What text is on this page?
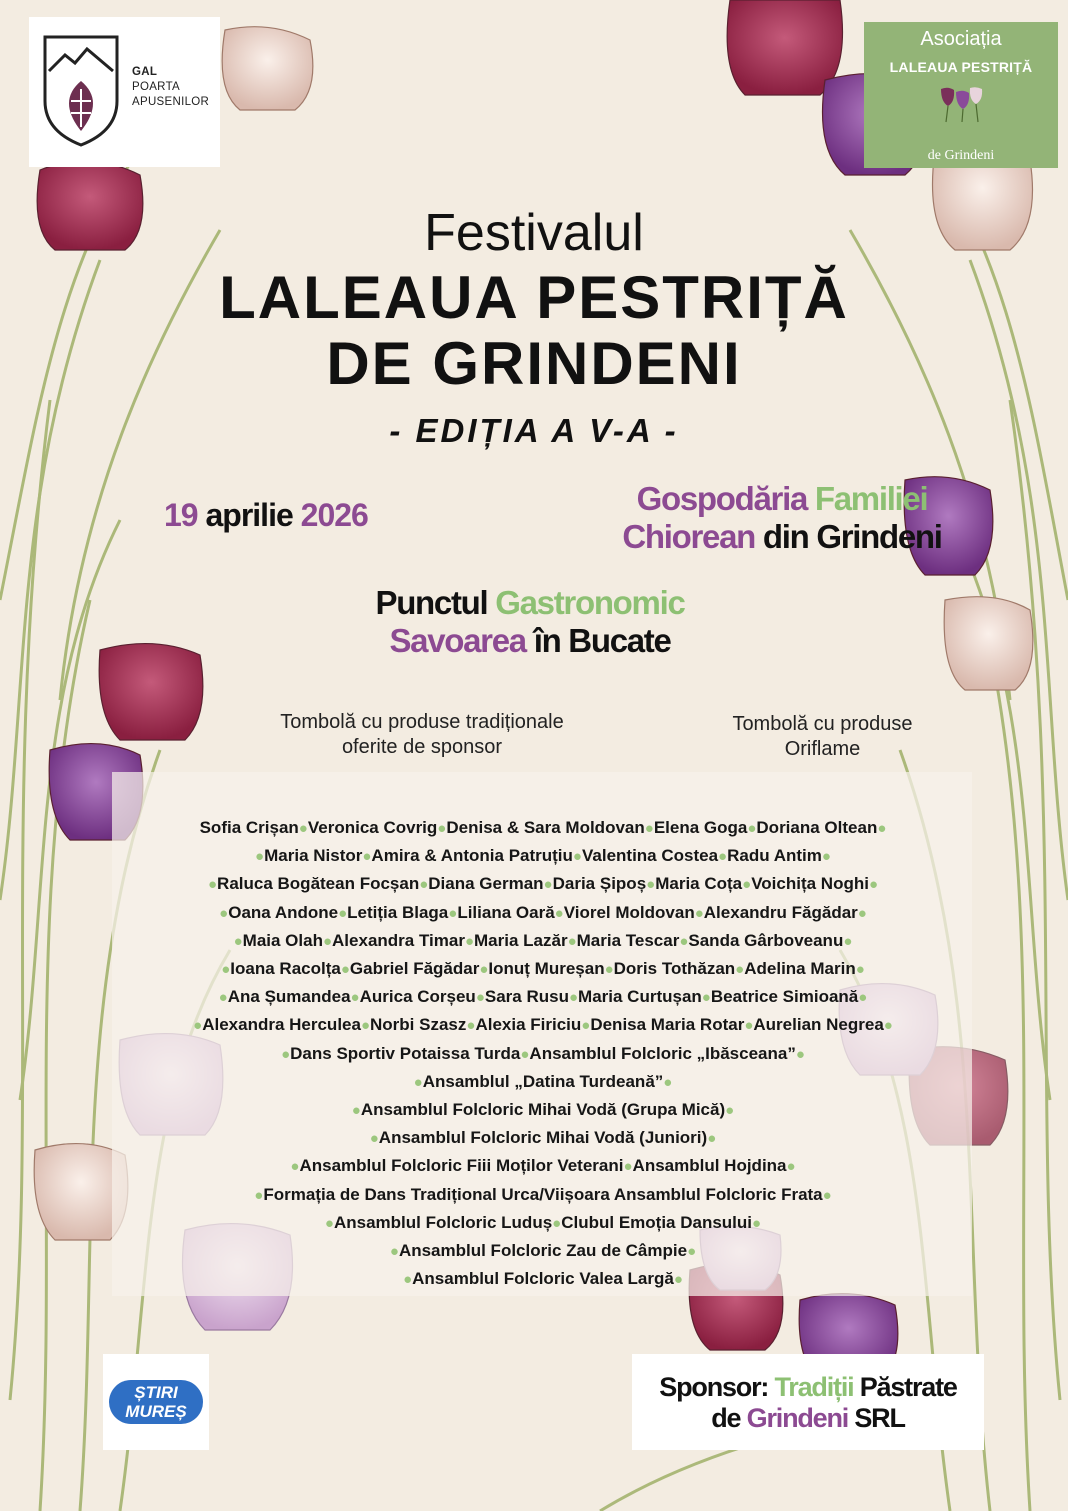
GAL
POARTA
APUSENILOR
Asociația
LALEAUA PESTRIȚĂ
de Grindeni
Festivalul
LALEAUA PESTRIȚĂ
DE GRINDENI
- EDIȚIA A V-A -
19 aprilie 2026	Gospodăria Familiei
Chiorean din Grindeni
Punctul Gastronomic
Savoarea în Bucate
Tombolă cu produse tradiționale
oferite de sponsor
Tombolă cu produse
Oriflame
Sofia Crișan●Veronica Covrig●Denisa & Sara Moldovan●Elena Goga●Doriana Oltean●
●Maria Nistor●Amira & Antonia Patruțiu●Valentina Costea●Radu Antim●
●Raluca Bogătean Focșan●Diana German●Daria Șipoș●Maria Coța●Voichița Noghi●
●Oana Andone●Letiția Blaga●Liliana Oară●Viorel Moldovan●Alexandru Făgădar●
●Maia Olah●Alexandra Timar●Maria Lazăr●Maria Tescar●Sanda Gârboveanu●
●Ioana Racolța●Gabriel Făgădar●Ionuț Mureșan●Doris Tothăzan●Adelina Marin●
●Ana Șumandea●Aurica Corșeu●Sara Rusu●Maria Curtușan●Beatrice Simioană●
●Alexandra Herculea●Norbi Szasz●Alexia Firiciu●Denisa Maria Rotar●Aurelian Negrea●
●Dans Sportiv Potaissa Turda●Ansamblul Folcloric „Ibăsceana”●
●Ansamblul „Datina Turdeană”●
●Ansamblul Folcloric Mihai Vodă (Grupa Mică)●
●Ansamblul Folcloric Mihai Vodă (Juniori)●
●Ansamblul Folcloric Fiii Moților Veterani●Ansamblul Hojdina●
●Formația de Dans Tradițional Urca/Viișoara Ansamblul Folcloric Frata●
●Ansamblul Folcloric Luduș●Clubul Emoția Dansului●
●Ansamblul Folcloric Zau de Câmpie●
●Ansamblul Folcloric Valea Largă●
ȘTIRI
MUREȘ
Sponsor: Tradiții Păstrate
de Grindeni SRL
